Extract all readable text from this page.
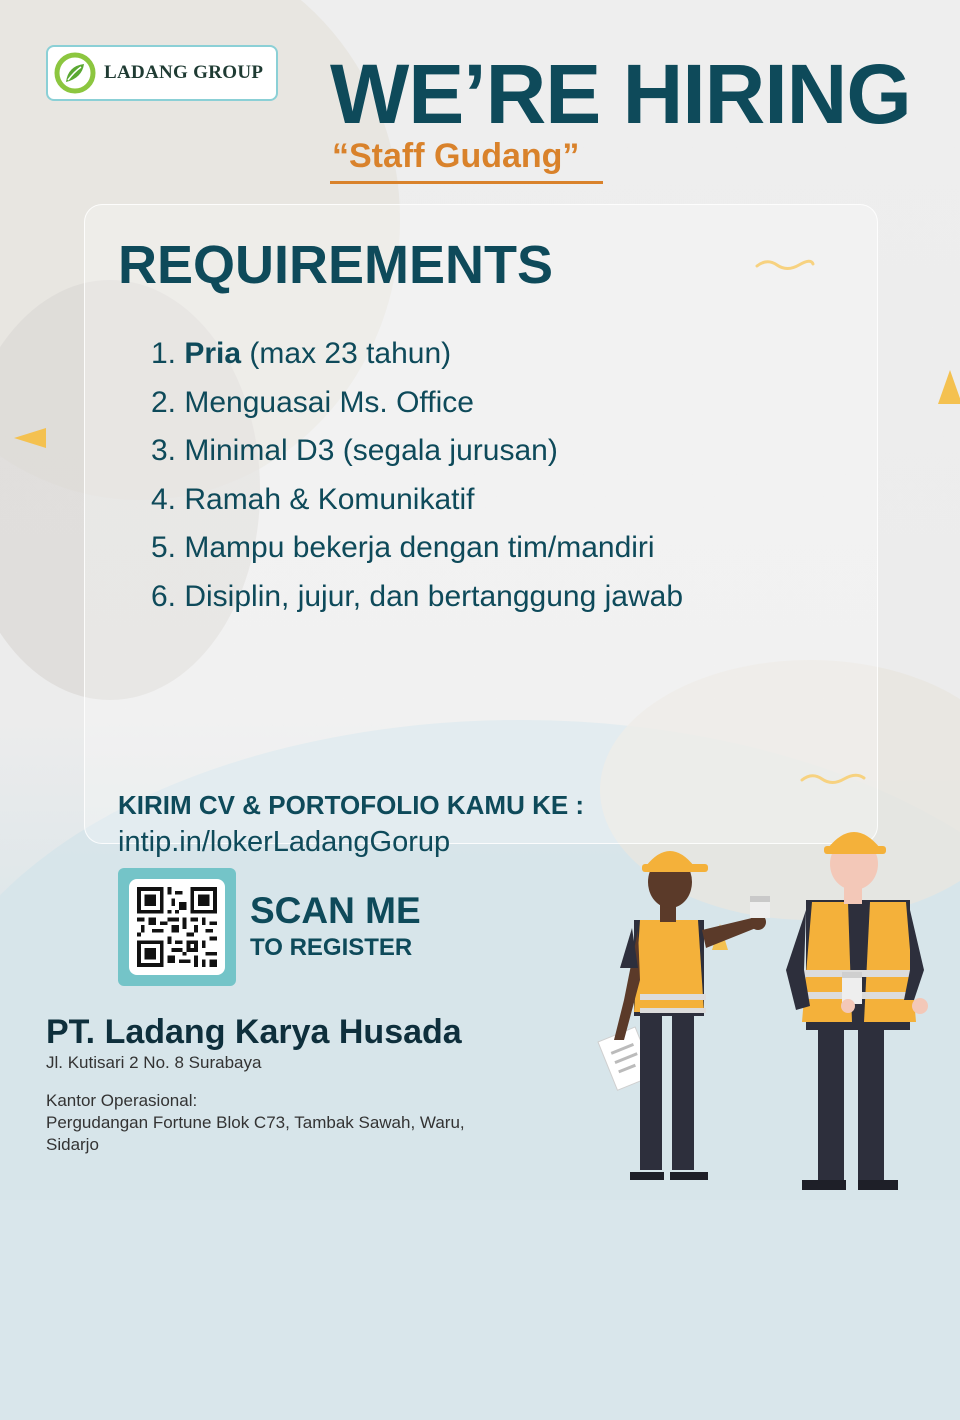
LADANG GROUP WE’RE HIRING
“Staff Gudang”
REQUIREMENTS
1. Pria (max 23 tahun)
2. Menguasai Ms. Office
3. Minimal D3 (segala jurusan)
4. Ramah & Komunikatif
5. Mampu bekerja dengan tim/mandiri
6. Disiplin, jujur, dan bertanggung jawab

KIRIM CV & PORTOFOLIO KAMU KE :

intip.in/lokerLadangGorup

SCAN ME

TO REGISTER

PT. Ladang Karya Husada

Jl. Kutisari 2 No. 8 Surabaya

Kantor Operasional:

Pergudangan Fortune Blok C73, Tambak Sawah, Waru, Sidarjo
